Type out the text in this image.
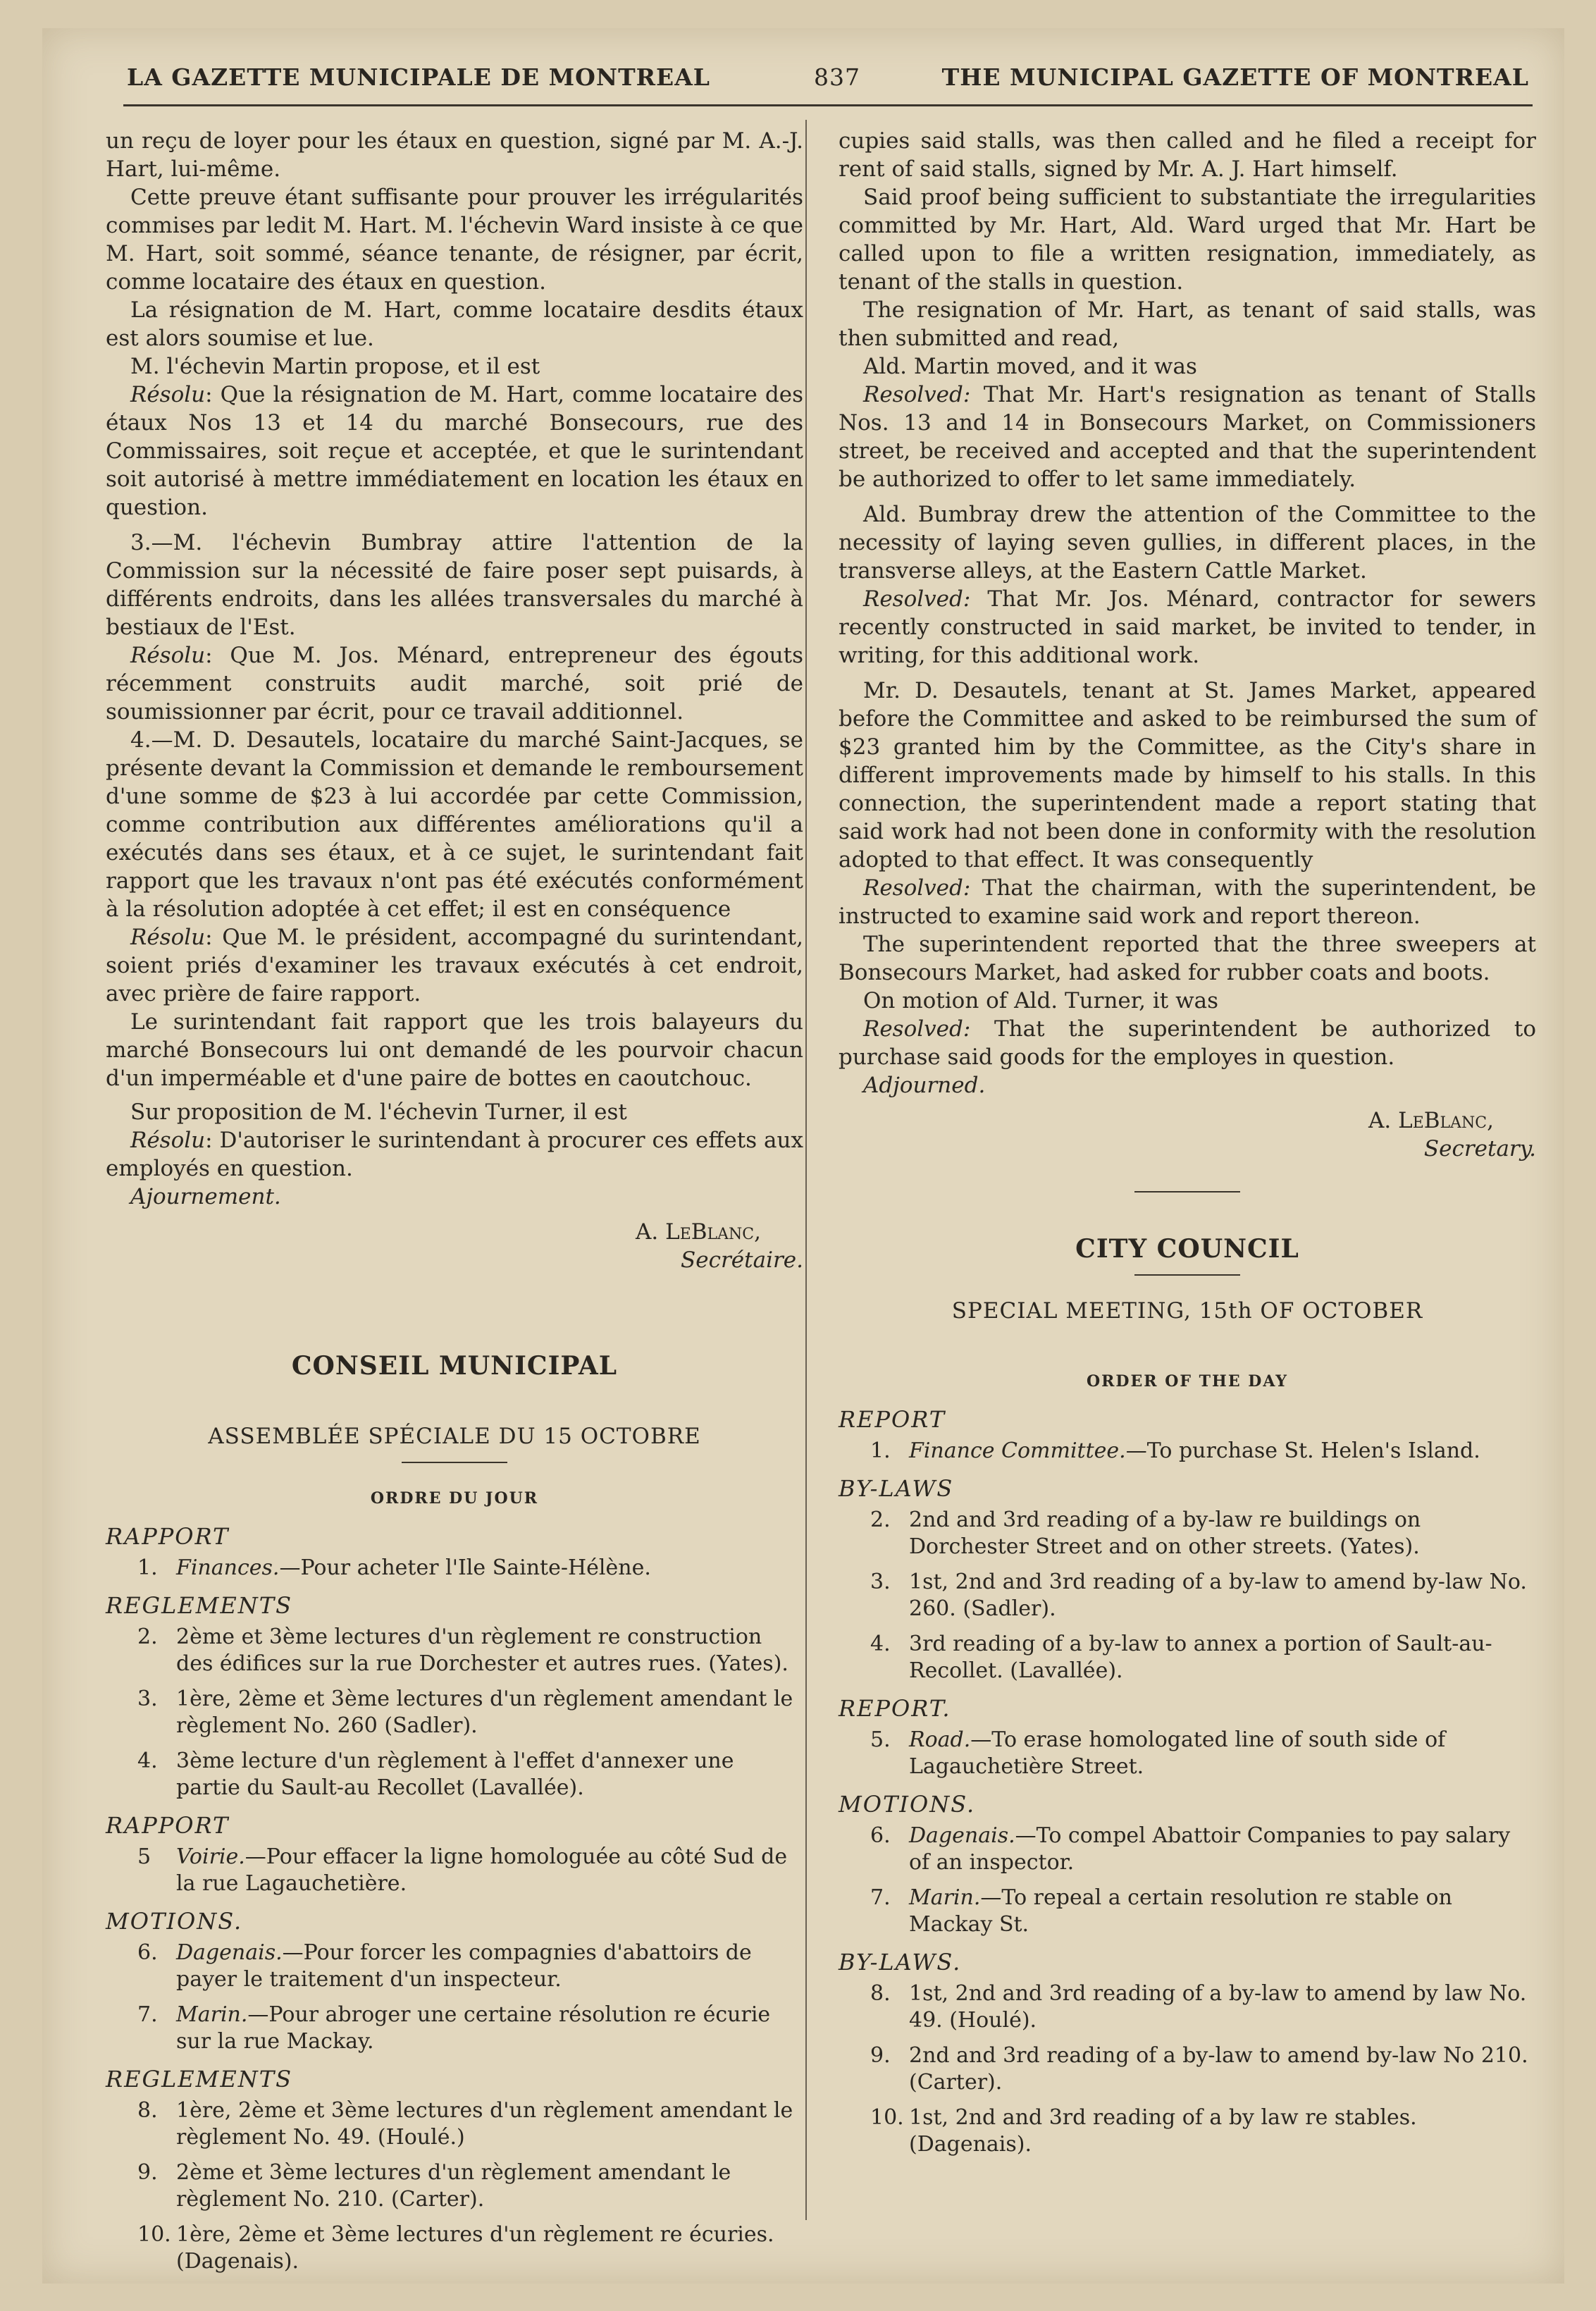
LA GAZETTE MUNICIPALE DE MONTREAL	837	THE MUNICIPAL GAZETTE OF MONTREAL

un reçu de loyer pour les étaux en question, signé par M. A.-J. Hart, lui-même.

Cette preuve étant suffisante pour prouver les irrégularités commises par ledit M. Hart. M. l'échevin Ward insiste à ce que M. Hart, soit sommé, séance tenante, de résigner, par écrit, comme locataire des étaux en question.

La résignation de M. Hart, comme locataire desdits étaux est alors soumise et lue.

M. l'échevin Martin propose, et il est

Résolu: Que la résignation de M. Hart, comme locataire des étaux Nos 13 et 14 du marché Bonsecours, rue des Commissaires, soit reçue et acceptée, et que le surintendant soit autorisé à mettre immédiatement en location les étaux en question.

3.—M. l'échevin Bumbray attire l'attention de la Commission sur la nécessité de faire poser sept puisards, à différents endroits, dans les allées transversales du marché à bestiaux de l'Est.

Résolu: Que M. Jos. Ménard, entrepreneur des égouts récemment construits audit marché, soit prié de soumissionner par écrit, pour ce travail additionnel.

4.—M. D. Desautels, locataire du marché Saint-Jacques, se présente devant la Commission et demande le remboursement d'une somme de $23 à lui accordée par cette Commission, comme contribution aux différentes améliorations qu'il a exécutés dans ses étaux, et à ce sujet, le surintendant fait rapport que les travaux n'ont pas été exécutés conformément à la résolution adoptée à cet effet; il est en conséquence

Résolu: Que M. le président, accompagné du surintendant, soient priés d'examiner les travaux exécutés à cet endroit, avec prière de faire rapport.

Le surintendant fait rapport que les trois balayeurs du marché Bonsecours lui ont demandé de les pourvoir chacun d'un imperméable et d'une paire de bottes en caoutchouc.

Sur proposition de M. l'échevin Turner, il est

Résolu: D'autoriser le surintendant à procurer ces effets aux employés en question.

Ajournement.

A. LeBlanc,
Secrétaire.
CONSEIL MUNICIPAL
ASSEMBLÉE SPÉCIALE DU 15 OCTOBRE
ORDRE DU JOUR
RAPPORT
1. Finances.—Pour acheter l'Ile Sainte-Hélène.
REGLEMENTS
2. 2ème et 3ème lectures d'un règlement re construction des édifices sur la rue Dorchester et autres rues. (Yates).
3. 1ère, 2ème et 3ème lectures d'un règlement amendant le règlement No. 260 (Sadler).
4. 3ème lecture d'un règlement à l'effet d'annexer une partie du Sault-au Recollet (Lavallée).
RAPPORT
5 Voirie.—Pour effacer la ligne homologuée au côté Sud de la rue Lagauchetière.
MOTIONS.
6. Dagenais.—Pour forcer les compagnies d'abattoirs de payer le traitement d'un inspecteur.
7. Marin.—Pour abroger une certaine résolution re écurie sur la rue Mackay.
REGLEMENTS
8. 1ère, 2ème et 3ème lectures d'un règlement amendant le règlement No. 49. (Houlé.)
9. 2ème et 3ème lectures d'un règlement amendant le règlement No. 210. (Carter).
10. 1ère, 2ème et 3ème lectures d'un règlement re écuries. (Dagenais).

cupies said stalls, was then called and he filed a receipt for rent of said stalls, signed by Mr. A. J. Hart himself.

Said proof being sufficient to substantiate the irregularities committed by Mr. Hart, Ald. Ward urged that Mr. Hart be called upon to file a written resignation, immediately, as tenant of the stalls in question.

The resignation of Mr. Hart, as tenant of said stalls, was then submitted and read,

Ald. Martin moved, and it was

Resolved: That Mr. Hart's resignation as tenant of Stalls Nos. 13 and 14 in Bonsecours Market, on Commissioners street, be received and accepted and that the superintendent be authorized to offer to let same immediately.

Ald. Bumbray drew the attention of the Committee to the necessity of laying seven gullies, in different places, in the transverse alleys, at the Eastern Cattle Market.

Resolved: That Mr. Jos. Ménard, contractor for sewers recently constructed in said market, be invited to tender, in writing, for this additional work.

Mr. D. Desautels, tenant at St. James Market, appeared before the Committee and asked to be reimbursed the sum of $23 granted him by the Committee, as the City's share in different improvements made by himself to his stalls. In this connection, the superintendent made a report stating that said work had not been done in conformity with the resolution adopted to that effect. It was consequently

Resolved: That the chairman, with the superintendent, be instructed to examine said work and report thereon.

The superintendent reported that the three sweepers at Bonsecours Market, had asked for rubber coats and boots.

On motion of Ald. Turner, it was

Resolved: That the superintendent be authorized to purchase said goods for the employes in question.

Adjourned.

A. LeBlanc,
Secretary.
CITY COUNCIL
SPECIAL MEETING, 15th OF OCTOBER
ORDER OF THE DAY
REPORT
1. Finance Committee.—To purchase St. Helen's Island.
BY-LAWS
2. 2nd and 3rd reading of a by-law re buildings on Dorchester Street and on other streets. (Yates).
3. 1st, 2nd and 3rd reading of a by-law to amend by-law No. 260. (Sadler).
4. 3rd reading of a by-law to annex a portion of Sault-au-Recollet. (Lavallée).
REPORT.
5. Road.—To erase homologated line of south side of Lagauchetière Street.
MOTIONS.
6. Dagenais.—To compel Abattoir Companies to pay salary of an inspector.
7. Marin.—To repeal a certain resolution re stable on Mackay St.
BY-LAWS.
8. 1st, 2nd and 3rd reading of a by-law to amend by law No. 49. (Houlé).
9. 2nd and 3rd reading of a by-law to amend by-law No 210. (Carter).
10. 1st, 2nd and 3rd reading of a by law re stables. (Dagenais).
